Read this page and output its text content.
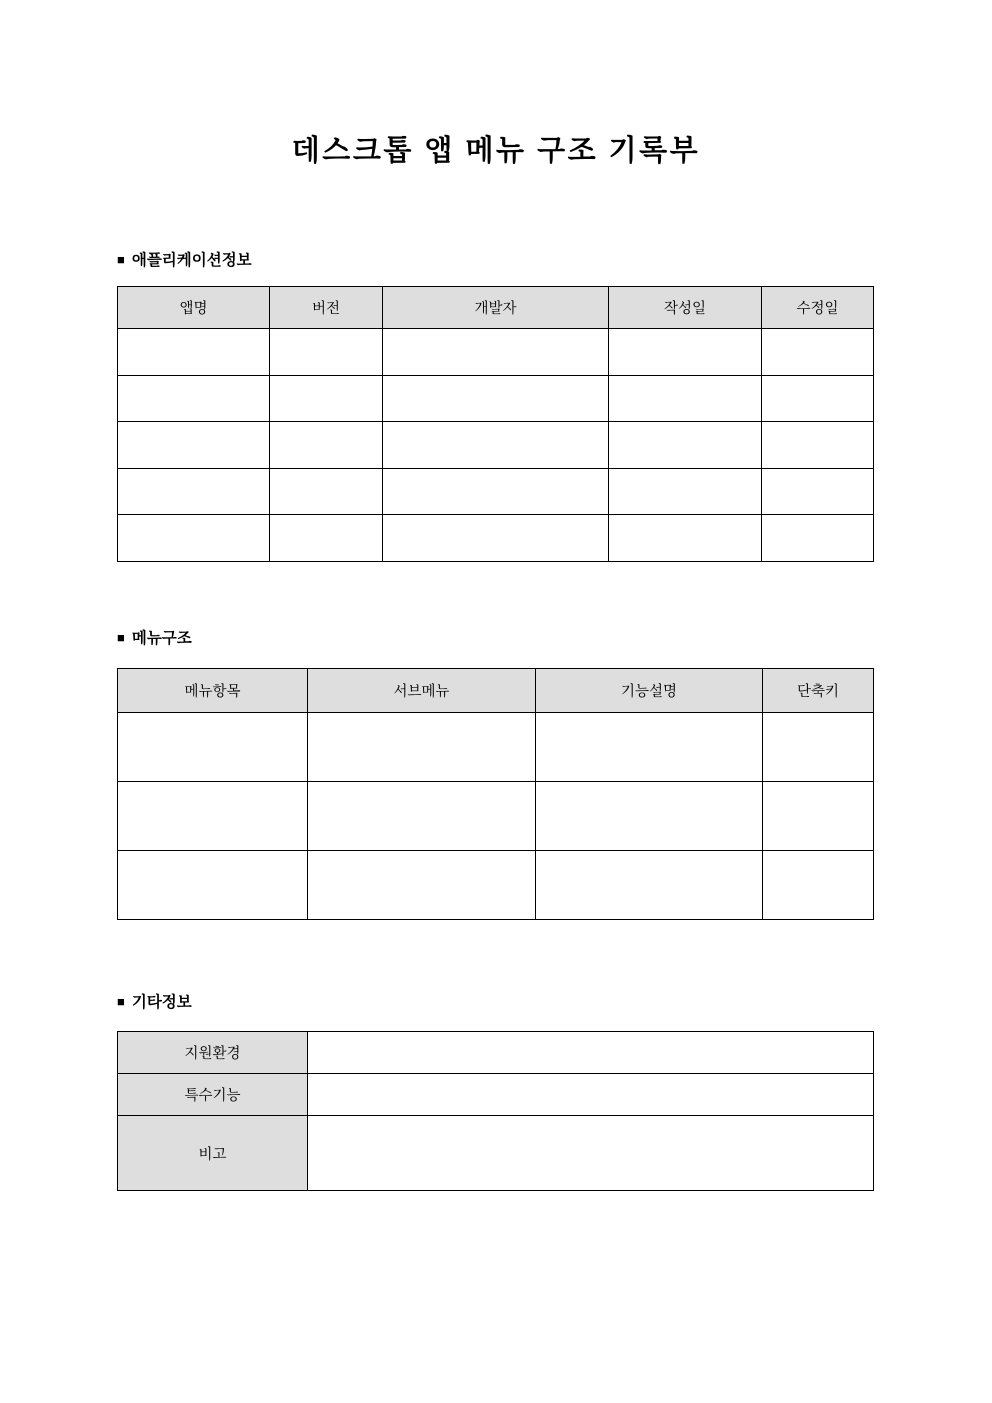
데스크톱 앱 메뉴 구조 기록부
■ 애플리케이션정보
앱명	버전	개발자	작성일	수정일

■ 메뉴구조
메뉴항목	서브메뉴	기능설명	단축키

■ 기타정보
지원환경	
특수기능	
비고	
